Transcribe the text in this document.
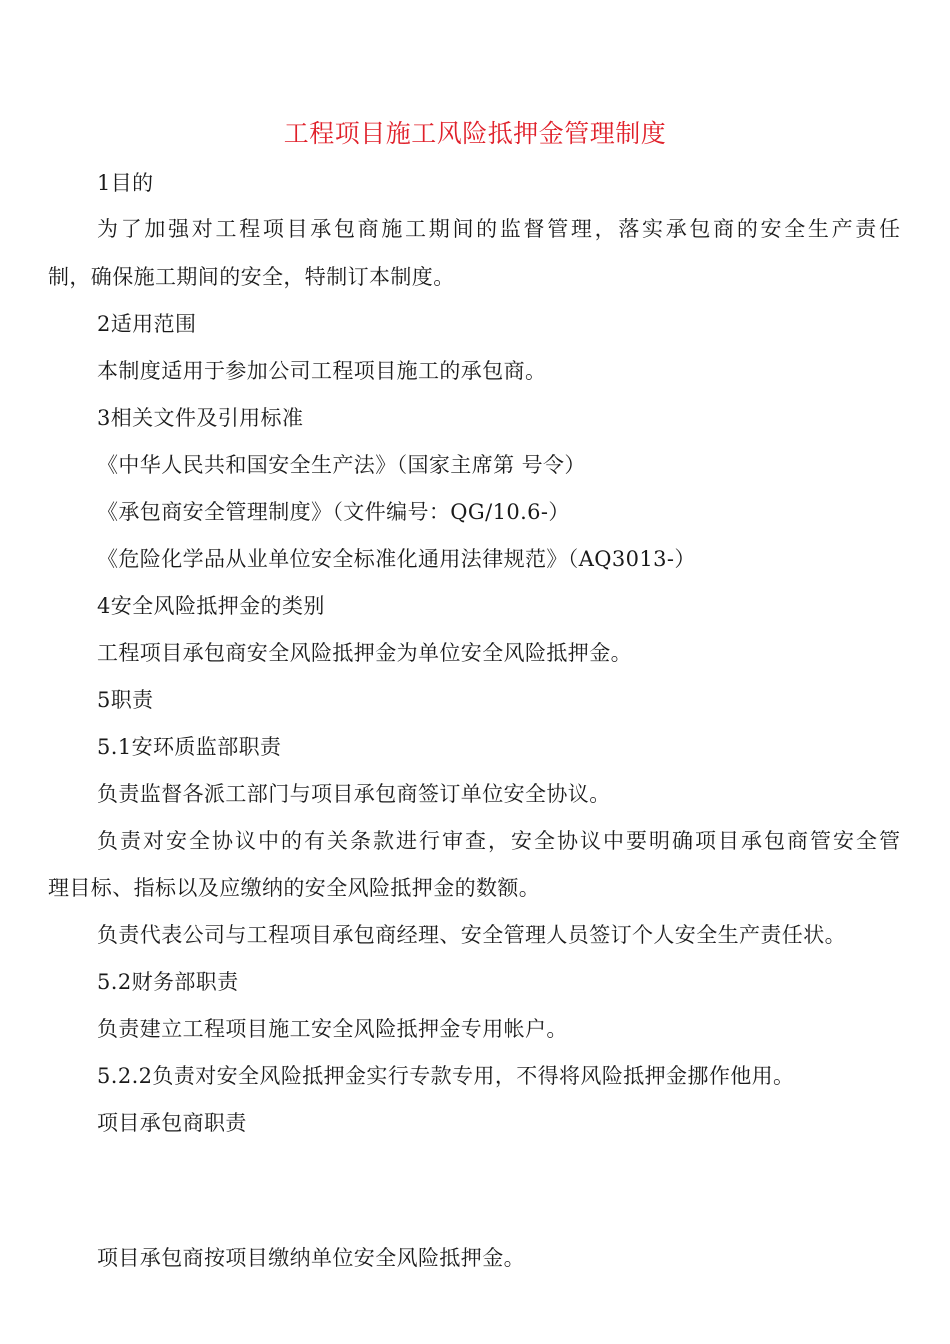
工程项目施工风险抵押金管理制度
1目的
为了加强对工程项目承包商施工期间的监督管理，落实承包商的安全生产责任
制，确保施工期间的安全，特制订本制度。
2适用范围
本制度适用于参加公司工程项目施工的承包商。
3相关文件及引用标准
《中华人民共和国安全生产法》（国家主席第 号令）
《承包商安全管理制度》（文件编号：QG/10.6-）
《危险化学品从业单位安全标准化通用法律规范》（AQ3013-）
4安全风险抵押金的类别
工程项目承包商安全风险抵押金为单位安全风险抵押金。
5职责
5.1安环质监部职责
负责监督各派工部门与项目承包商签订单位安全协议。
负责对安全协议中的有关条款进行审查，安全协议中要明确项目承包商管安全管
理目标、指标以及应缴纳的安全风险抵押金的数额。
负责代表公司与工程项目承包商经理、安全管理人员签订个人安全生产责任状。
5.2财务部职责
负责建立工程项目施工安全风险抵押金专用帐户。
5.2.2负责对安全风险抵押金实行专款专用，不得将风险抵押金挪作他用。
项目承包商职责
项目承包商按项目缴纳单位安全风险抵押金。
